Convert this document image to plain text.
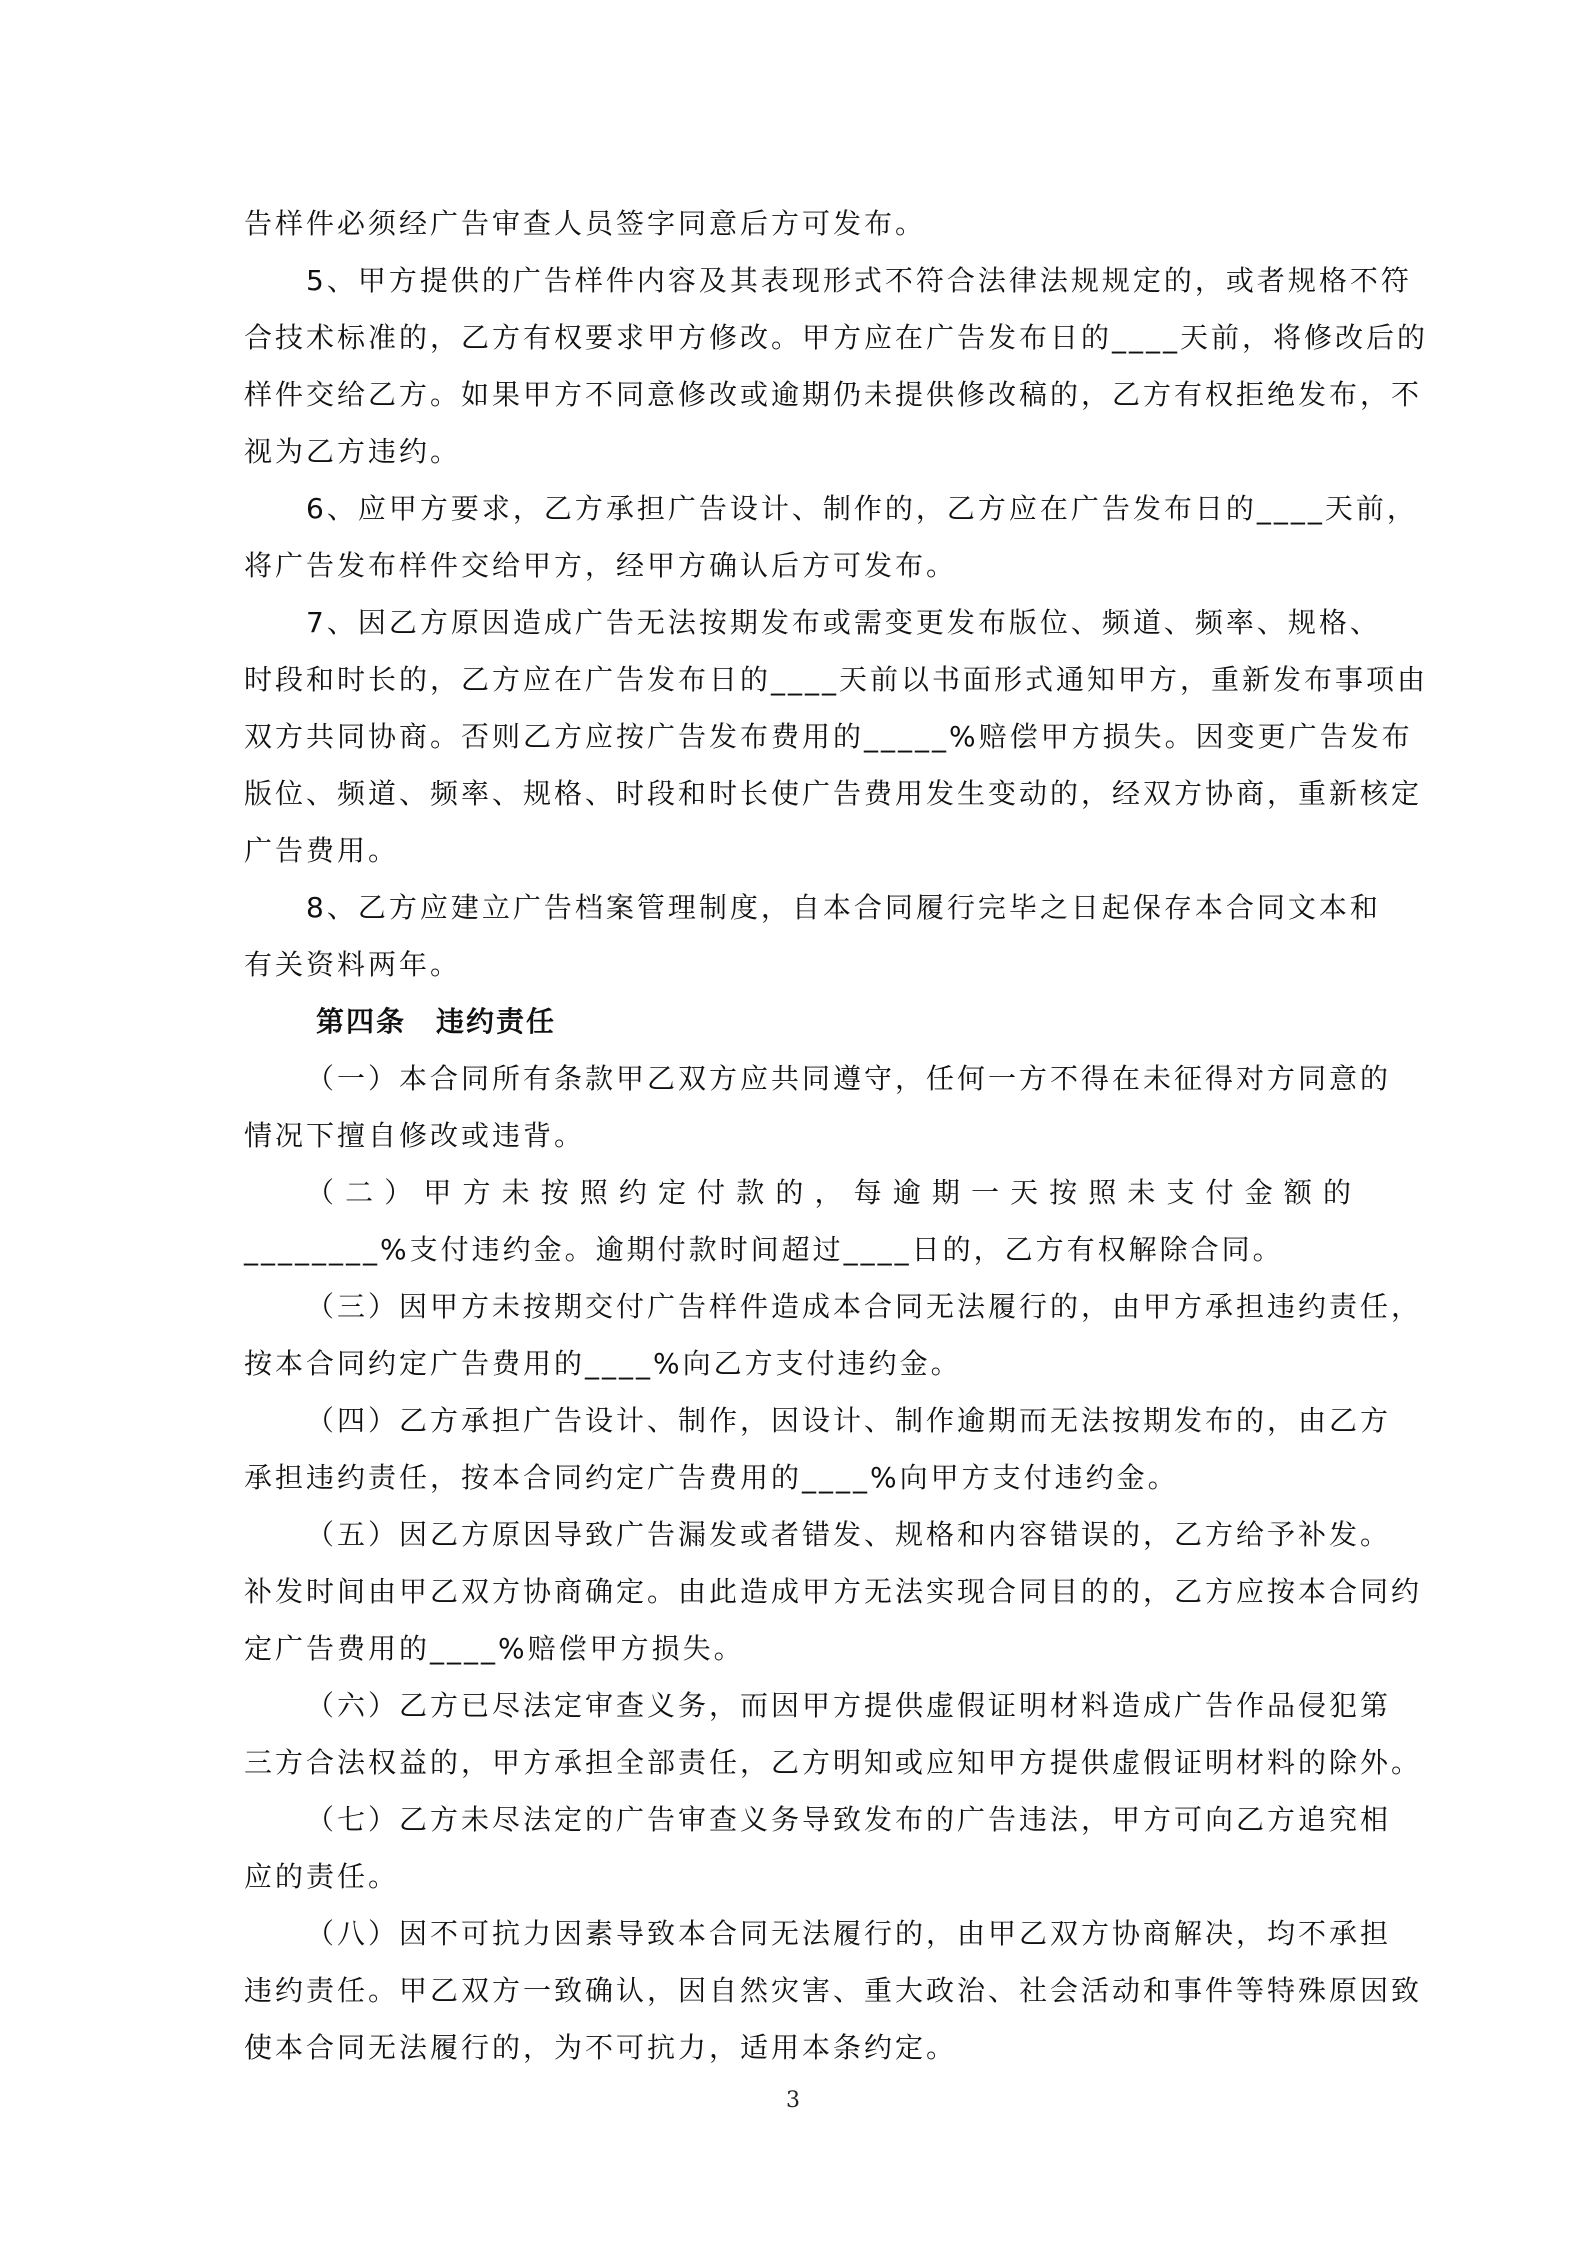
告样件必须经广告审查人员签字同意后方可发布。
5、甲方提供的广告样件内容及其表现形式不符合法律法规规定的，或者规格不符
合技术标准的，乙方有权要求甲方修改。甲方应在广告发布日的____天前，将修改后的
样件交给乙方。如果甲方不同意修改或逾期仍未提供修改稿的，乙方有权拒绝发布，不
视为乙方违约。
6、应甲方要求，乙方承担广告设计、制作的，乙方应在广告发布日的____天前，
将广告发布样件交给甲方，经甲方确认后方可发布。
7、因乙方原因造成广告无法按期发布或需变更发布版位、频道、频率、规格、
时段和时长的，乙方应在广告发布日的____天前以书面形式通知甲方，重新发布事项由
双方共同协商。否则乙方应按广告发布费用的_____%赔偿甲方损失。因变更广告发布
版位、频道、频率、规格、时段和时长使广告费用发生变动的，经双方协商，重新核定
广告费用。
8、乙方应建立广告档案管理制度，自本合同履行完毕之日起保存本合同文本和
有关资料两年。
第四条　违约责任
（一）本合同所有条款甲乙双方应共同遵守，任何一方不得在未征得对方同意的
情况下擅自修改或违背。
（二）甲方未按照约定付款的，每逾期一天按照未支付金额的
________%支付违约金。逾期付款时间超过____日的，乙方有权解除合同。
（三）因甲方未按期交付广告样件造成本合同无法履行的，由甲方承担违约责任，
按本合同约定广告费用的____%向乙方支付违约金。
（四）乙方承担广告设计、制作，因设计、制作逾期而无法按期发布的，由乙方
承担违约责任，按本合同约定广告费用的____%向甲方支付违约金。
（五）因乙方原因导致广告漏发或者错发、规格和内容错误的，乙方给予补发。
补发时间由甲乙双方协商确定。由此造成甲方无法实现合同目的的，乙方应按本合同约
定广告费用的____%赔偿甲方损失。
（六）乙方已尽法定审查义务，而因甲方提供虚假证明材料造成广告作品侵犯第
三方合法权益的，甲方承担全部责任，乙方明知或应知甲方提供虚假证明材料的除外。
（七）乙方未尽法定的广告审查义务导致发布的广告违法，甲方可向乙方追究相
应的责任。
（八）因不可抗力因素导致本合同无法履行的，由甲乙双方协商解决，均不承担
违约责任。甲乙双方一致确认，因自然灾害、重大政治、社会活动和事件等特殊原因致
使本合同无法履行的，为不可抗力，适用本条约定。
3
